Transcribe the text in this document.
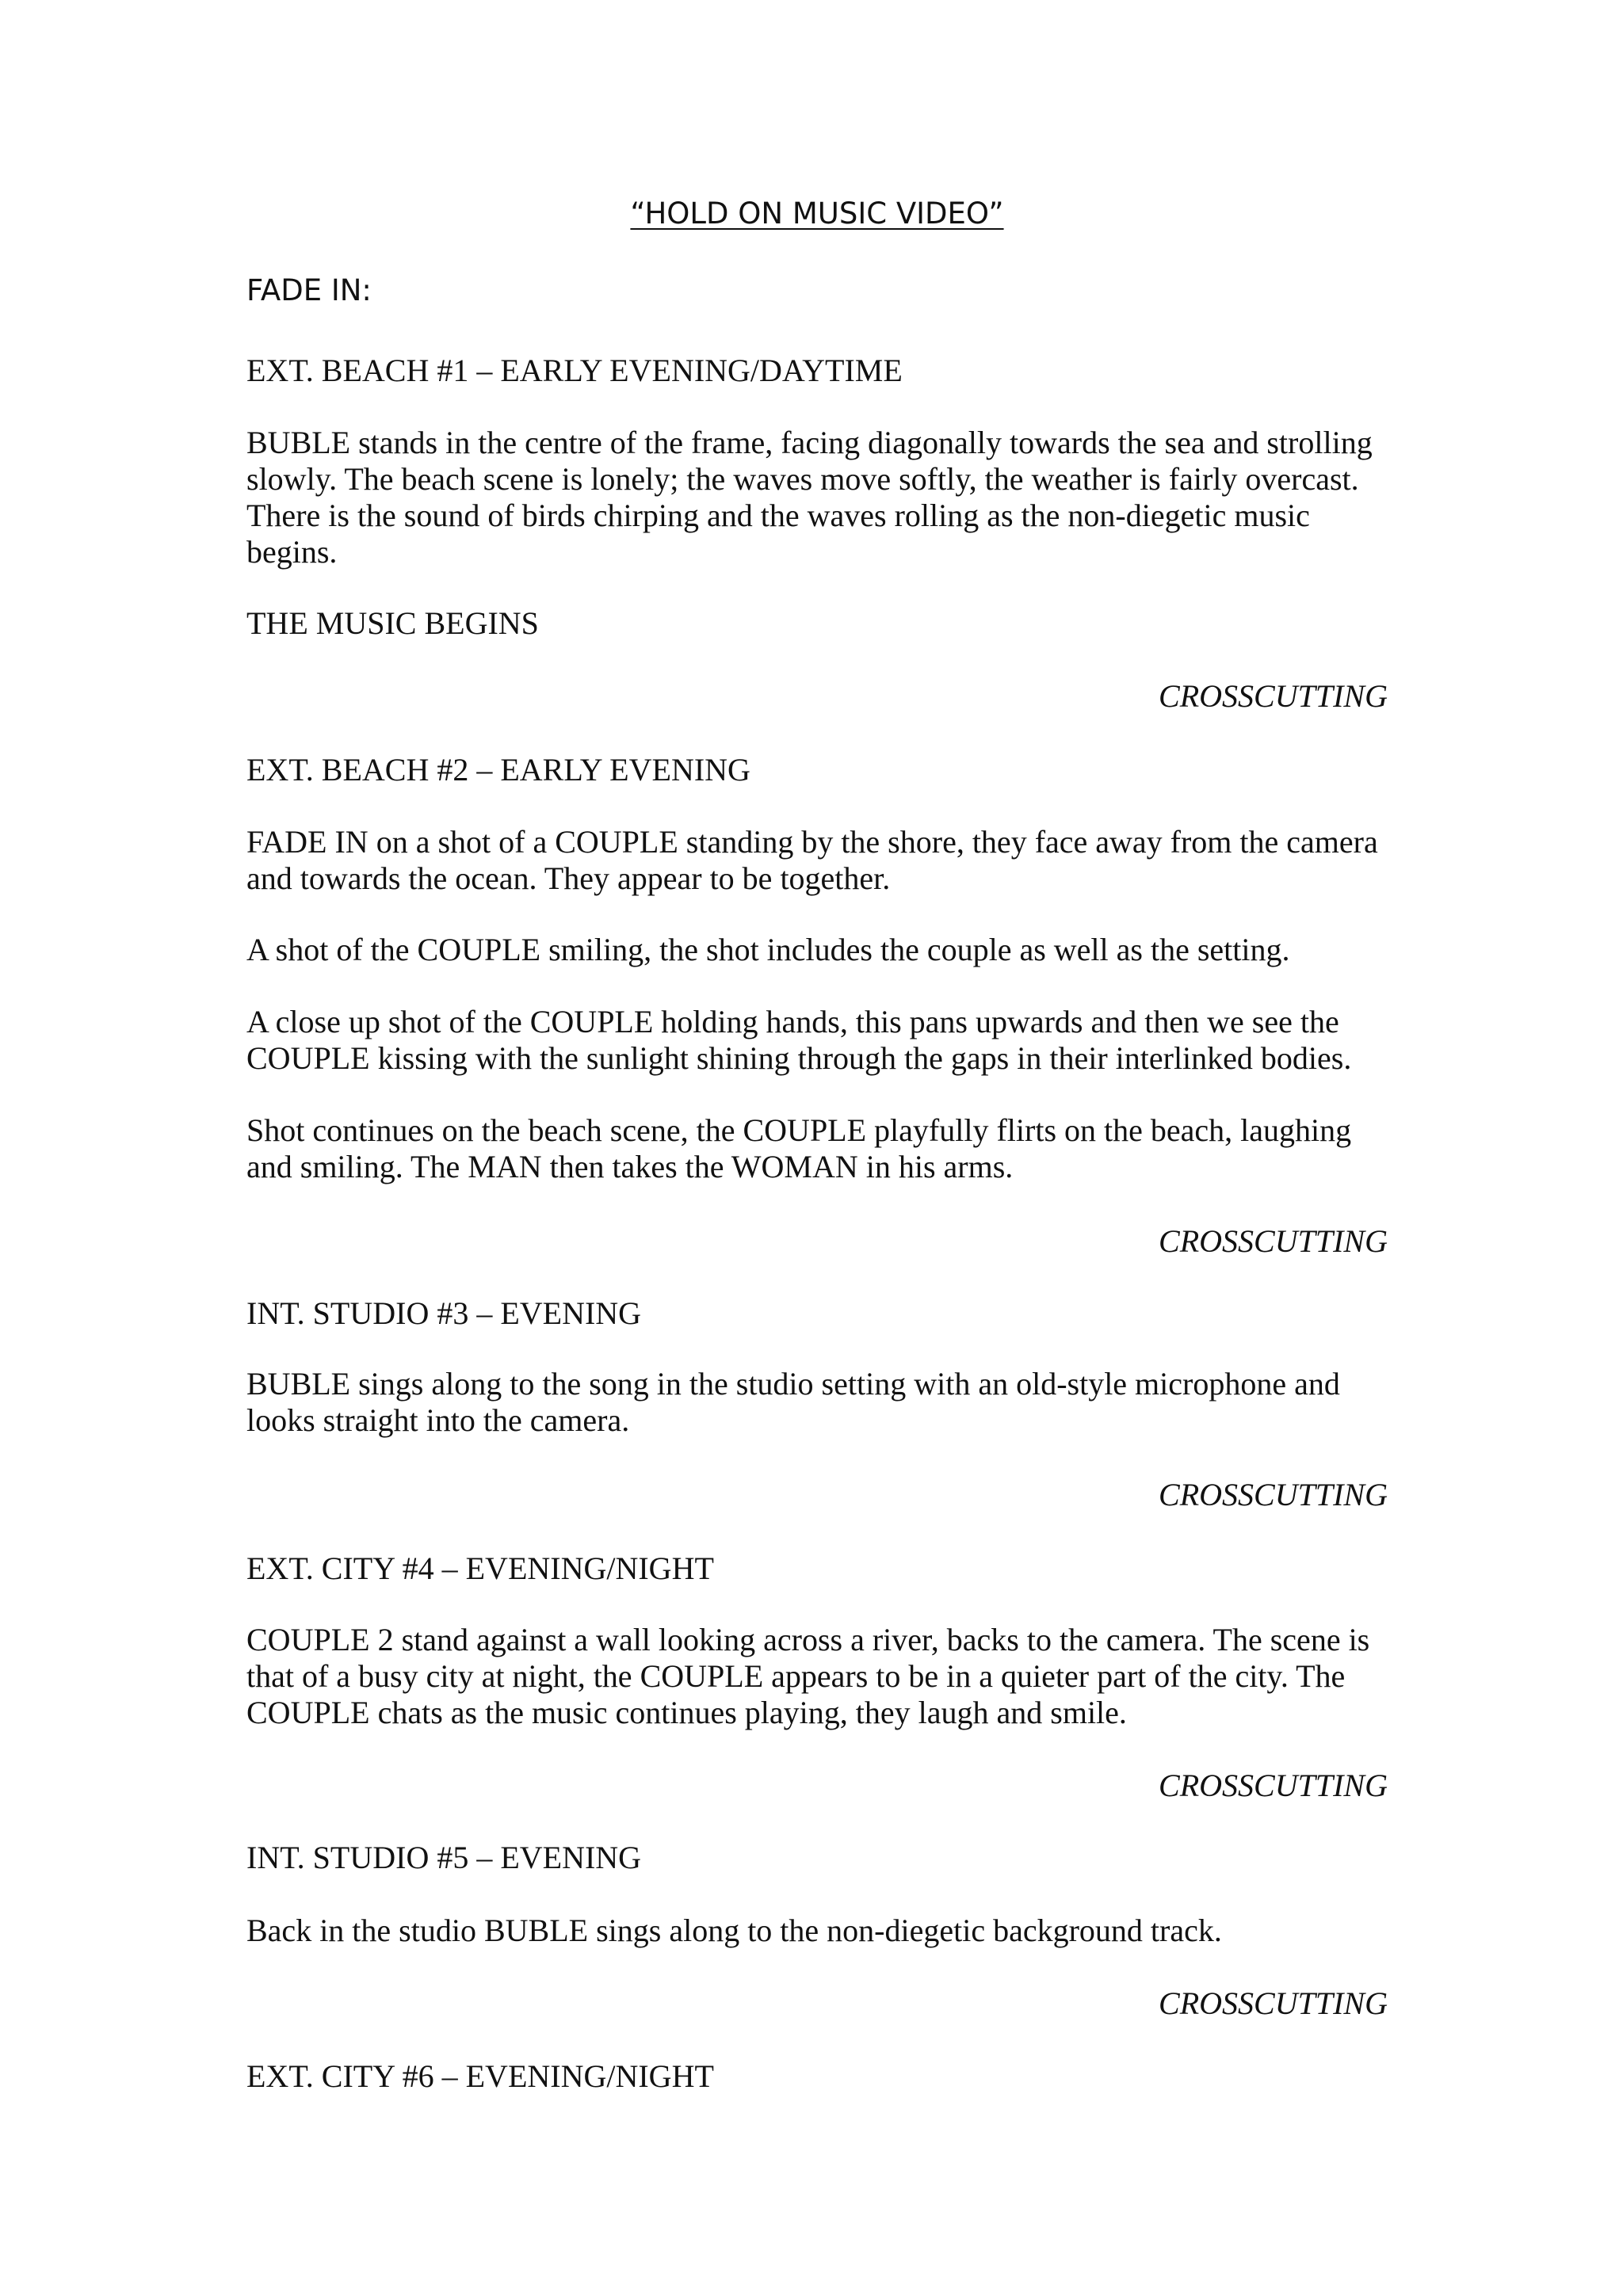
“HOLD ON MUSIC VIDEO”
FADE IN:
EXT. BEACH #1 – EARLY EVENING/DAYTIME
BUBLE stands in the centre of the frame, facing diagonally towards the sea and strolling
slowly. The beach scene is lonely; the waves move softly, the weather is fairly overcast.
There is the sound of birds chirping and the waves rolling as the non-diegetic music
begins.
THE MUSIC BEGINS
CROSSCUTTING
EXT. BEACH #2 – EARLY EVENING
FADE IN on a shot of a COUPLE standing by the shore, they face away from the camera
and towards the ocean. They appear to be together.
A shot of the COUPLE smiling, the shot includes the couple as well as the setting.
A close up shot of the COUPLE holding hands, this pans upwards and then we see the
COUPLE kissing with the sunlight shining through the gaps in their interlinked bodies.
Shot continues on the beach scene, the COUPLE playfully flirts on the beach, laughing
and smiling. The MAN then takes the WOMAN in his arms.
CROSSCUTTING
INT. STUDIO #3 – EVENING
BUBLE sings along to the song in the studio setting with an old-style microphone and
looks straight into the camera.
CROSSCUTTING
EXT. CITY #4 – EVENING/NIGHT
COUPLE 2 stand against a wall looking across a river, backs to the camera. The scene is
that of a busy city at night, the COUPLE appears to be in a quieter part of the city. The
COUPLE chats as the music continues playing, they laugh and smile.
CROSSCUTTING
INT. STUDIO #5 – EVENING
Back in the studio BUBLE sings along to the non-diegetic background track.
CROSSCUTTING
EXT. CITY #6 – EVENING/NIGHT
